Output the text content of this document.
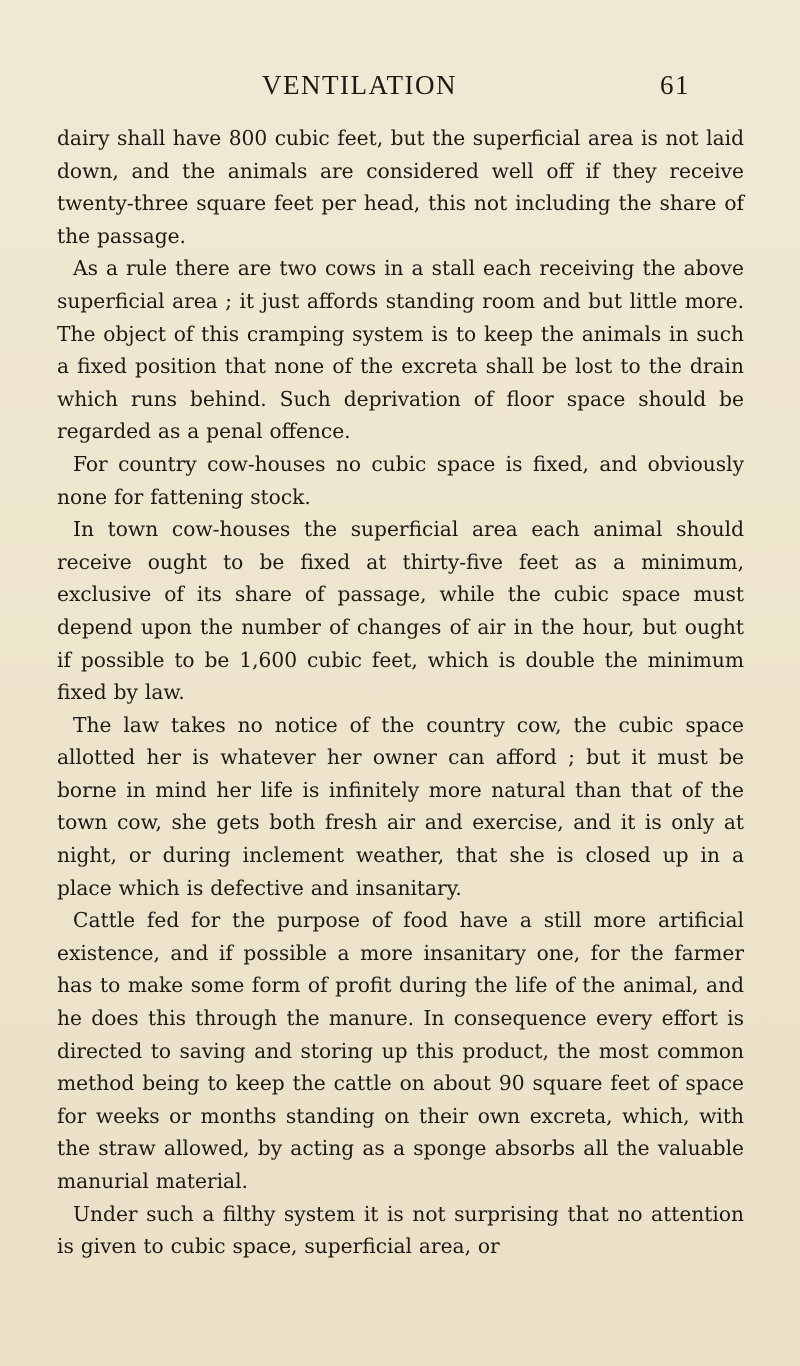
VENTILATION	61

dairy shall have 800 cubic feet, but the superficial area is not laid down, and the animals are considered well off if they receive twenty-three square feet per head, this not including the share of the passage.

As a rule there are two cows in a stall each receiving the above superficial area ; it just affords standing room and but little more. The object of this cramping system is to keep the animals in such a fixed position that none of the excreta shall be lost to the drain which runs behind. Such deprivation of floor space should be regarded as a penal offence.

For country cow-houses no cubic space is fixed, and obviously none for fattening stock.

In town cow-houses the superficial area each animal should receive ought to be fixed at thirty-five feet as a minimum, exclusive of its share of passage, while the cubic space must depend upon the number of changes of air in the hour, but ought if possible to be 1,600 cubic feet, which is double the minimum fixed by law.

The law takes no notice of the country cow, the cubic space allotted her is whatever her owner can afford ; but it must be borne in mind her life is infinitely more natural than that of the town cow, she gets both fresh air and exercise, and it is only at night, or during inclement weather, that she is closed up in a place which is defective and insanitary.

Cattle fed for the purpose of food have a still more artificial existence, and if possible a more insanitary one, for the farmer has to make some form of profit during the life of the animal, and he does this through the manure. In consequence every effort is directed to saving and storing up this product, the most common method being to keep the cattle on about 90 square feet of space for weeks or months standing on their own excreta, which, with the straw allowed, by acting as a sponge absorbs all the valuable manurial material.

Under such a filthy system it is not surprising that no attention is given to cubic space, superficial area, or
